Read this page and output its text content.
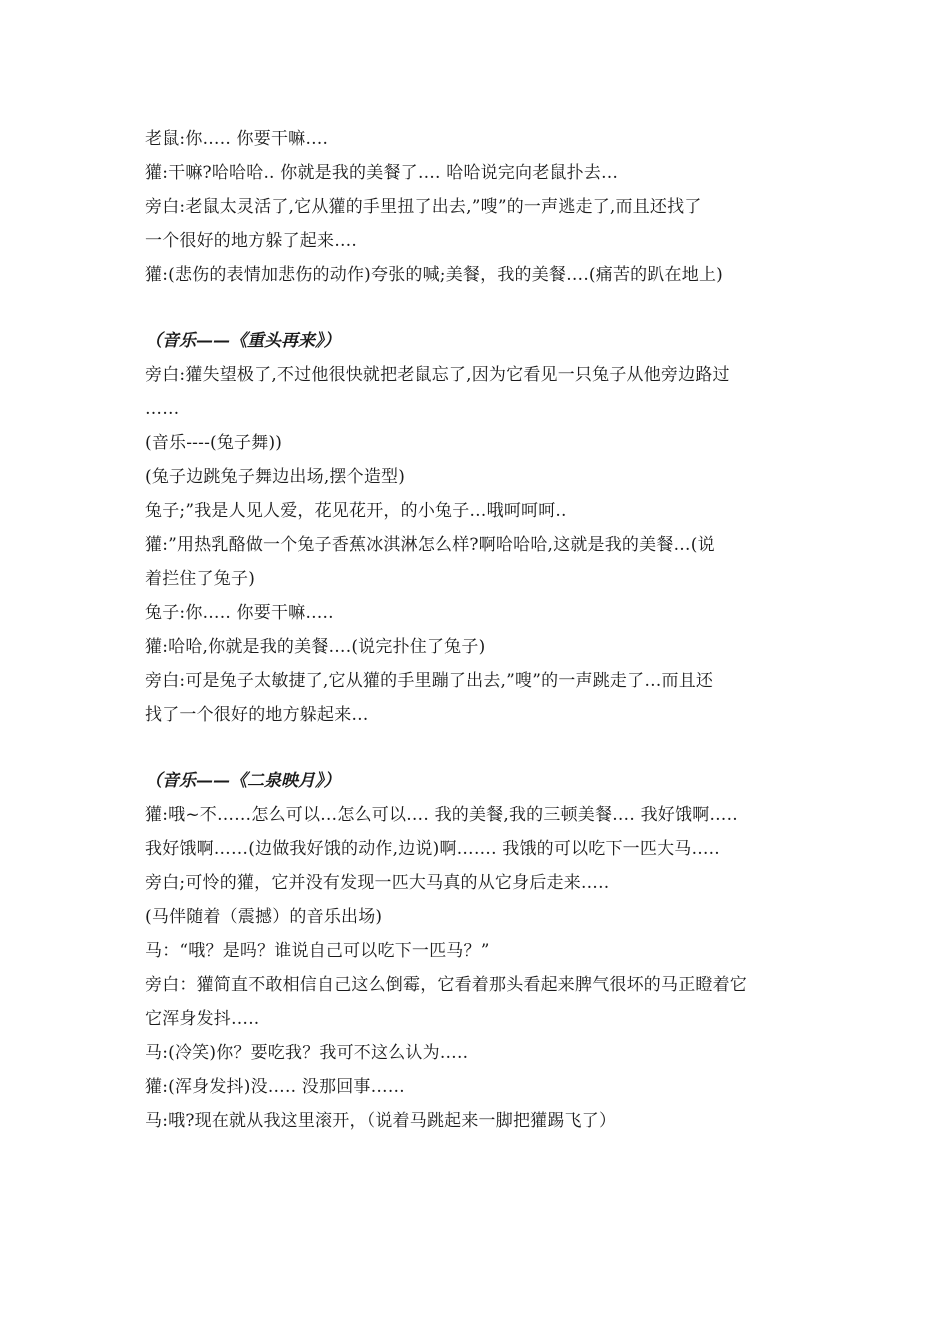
老鼠:你….. 你要干嘛….
獾:干嘛?哈哈哈.. 你就是我的美餐了…. 哈哈说完向老鼠扑去…
旁白:老鼠太灵活了,它从獾的手里扭了出去,”嗖”的一声逃走了,而且还找了
一个很好的地方躲了起来….
獾:(悲伤的表情加悲伤的动作)夸张的喊;美餐，我的美餐….(痛苦的趴在地上)
（音乐——《重头再来》）
旁白:獾失望极了,不过他很快就把老鼠忘了,因为它看见一只兔子从他旁边路过
……
(音乐----(兔子舞))
(兔子边跳兔子舞边出场,摆个造型)
兔子;”我是人见人爱，花见花开，的小兔子…哦呵呵呵..
獾:”用热乳酪做一个兔子香蕉冰淇淋怎么样?啊哈哈哈,这就是我的美餐…(说
着拦住了兔子)
兔子:你….. 你要干嘛…..
獾:哈哈,你就是我的美餐….(说完扑住了兔子)
旁白:可是兔子太敏捷了,它从獾的手里蹦了出去,”嗖”的一声跳走了…而且还
找了一个很好的地方躲起来…
（音乐——《二泉映月》）
獾:哦~不……怎么可以…怎么可以…. 我的美餐,我的三顿美餐…. 我好饿啊…..
我好饿啊……(边做我好饿的动作,边说)啊……. 我饿的可以吃下一匹大马…..
旁白;可怜的獾，它并没有发现一匹大马真的从它身后走来…..
(马伴随着（震撼）的音乐出场)
马：“哦？是吗？谁说自己可以吃下一匹马？”
旁白：獾简直不敢相信自己这么倒霉，它看着那头看起来脾气很坏的马正瞪着它
它浑身发抖…..
马:(冷笑)你？要吃我？我可不这么认为…..
獾:(浑身发抖)没….. 没那回事……
马:哦?现在就从我这里滚开，（说着马跳起来一脚把獾踢飞了）
